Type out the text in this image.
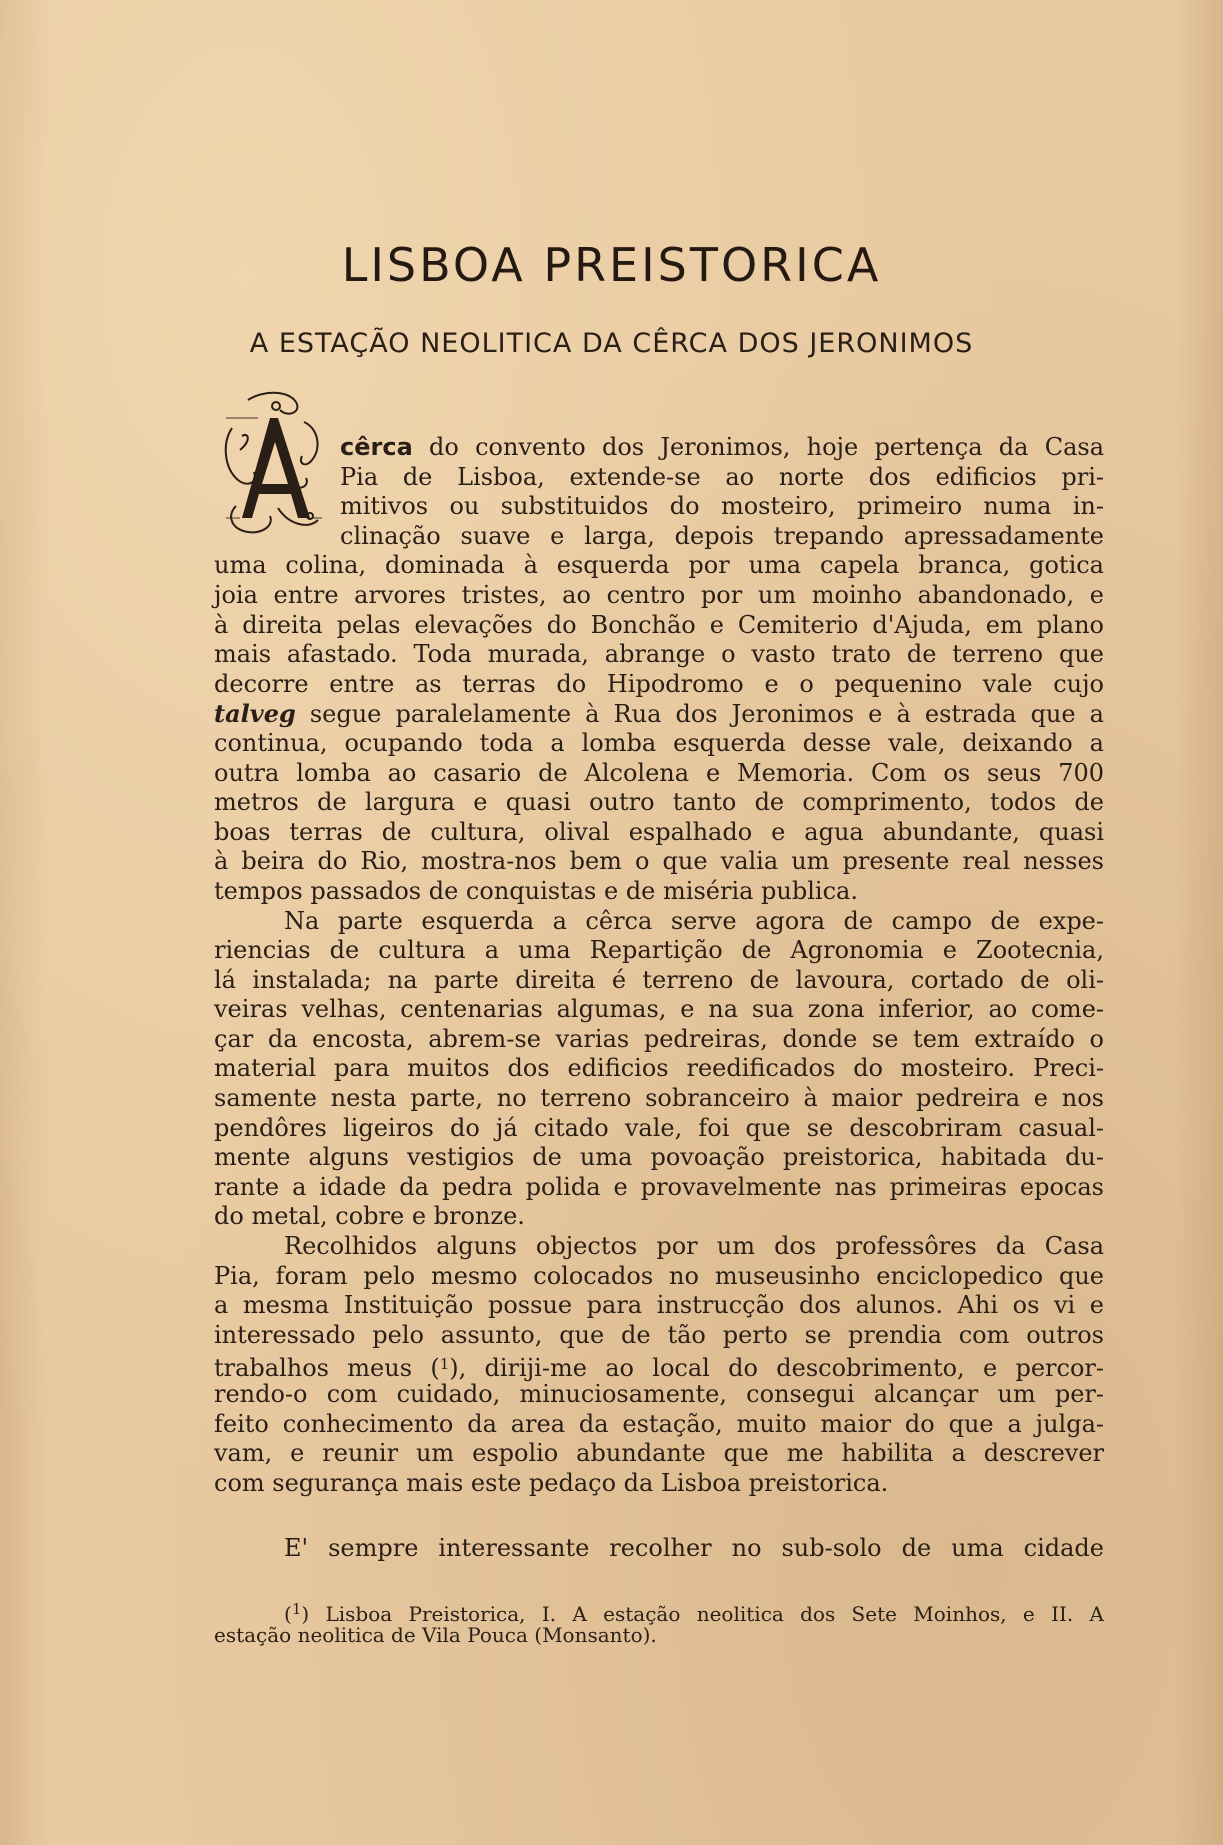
LISBOA PREISTORICA
A ESTAÇÃO NEOLITICA DA CÊRCA DOS JERONIMOS
A
cêrca do convento dos Jeronimos, hoje pertença da Casa
Pia de Lisboa, extende-se ao norte dos edificios pri-
mitivos ou substituidos do mosteiro, primeiro numa in-
clinação suave e larga, depois trepando apressadamente
uma colina, dominada à esquerda por uma capela branca, gotica
joia entre arvores tristes, ao centro por um moinho abandonado, e
à direita pelas elevações do Bonchão e Cemiterio d'Ajuda, em plano
mais afastado. Toda murada, abrange o vasto trato de terreno que
decorre entre as terras do Hipodromo e o pequenino vale cujo
talveg segue paralelamente à Rua dos Jeronimos e à estrada que a
continua, ocupando toda a lomba esquerda desse vale, deixando a
outra lomba ao casario de Alcolena e Memoria. Com os seus 700
metros de largura e quasi outro tanto de comprimento, todos de
boas terras de cultura, olival espalhado e agua abundante, quasi
à beira do Rio, mostra-nos bem o que valia um presente real nesses
tempos passados de conquistas e de miséria publica.
Na parte esquerda a cêrca serve agora de campo de expe-
riencias de cultura a uma Repartição de Agronomia e Zootecnia,
lá instalada; na parte direita é terreno de lavoura, cortado de oli-
veiras velhas, centenarias algumas, e na sua zona inferior, ao come-
çar da encosta, abrem-se varias pedreiras, donde se tem extraído o
material para muitos dos edificios reedificados do mosteiro. Preci-
samente nesta parte, no terreno sobranceiro à maior pedreira e nos
pendôres ligeiros do já citado vale, foi que se descobriram casual-
mente alguns vestigios de uma povoação preistorica, habitada du-
rante a idade da pedra polida e provavelmente nas primeiras epocas
do metal, cobre e bronze.
Recolhidos alguns objectos por um dos professôres da Casa
Pia, foram pelo mesmo colocados no museusinho enciclopedico que
a mesma Instituição possue para instrucção dos alunos. Ahi os vi e
interessado pelo assunto, que de tão perto se prendia com outros
trabalhos meus ($^1$), diriji-me ao local do descobrimento, e percor-
rendo-o com cuidado, minuciosamente, consegui alcançar um per-
feito conhecimento da area da estação, muito maior do que a julga-
vam, e reunir um espolio abundante que me habilita a descrever
com segurança mais este pedaço da Lisboa preistorica.
E' sempre interessante recolher no sub-solo de uma cidade
($^1$) Lisboa Preistorica, I. A estação neolitica dos Sete Moinhos, e II. A
estação neolitica de Vila Pouca (Monsanto).
